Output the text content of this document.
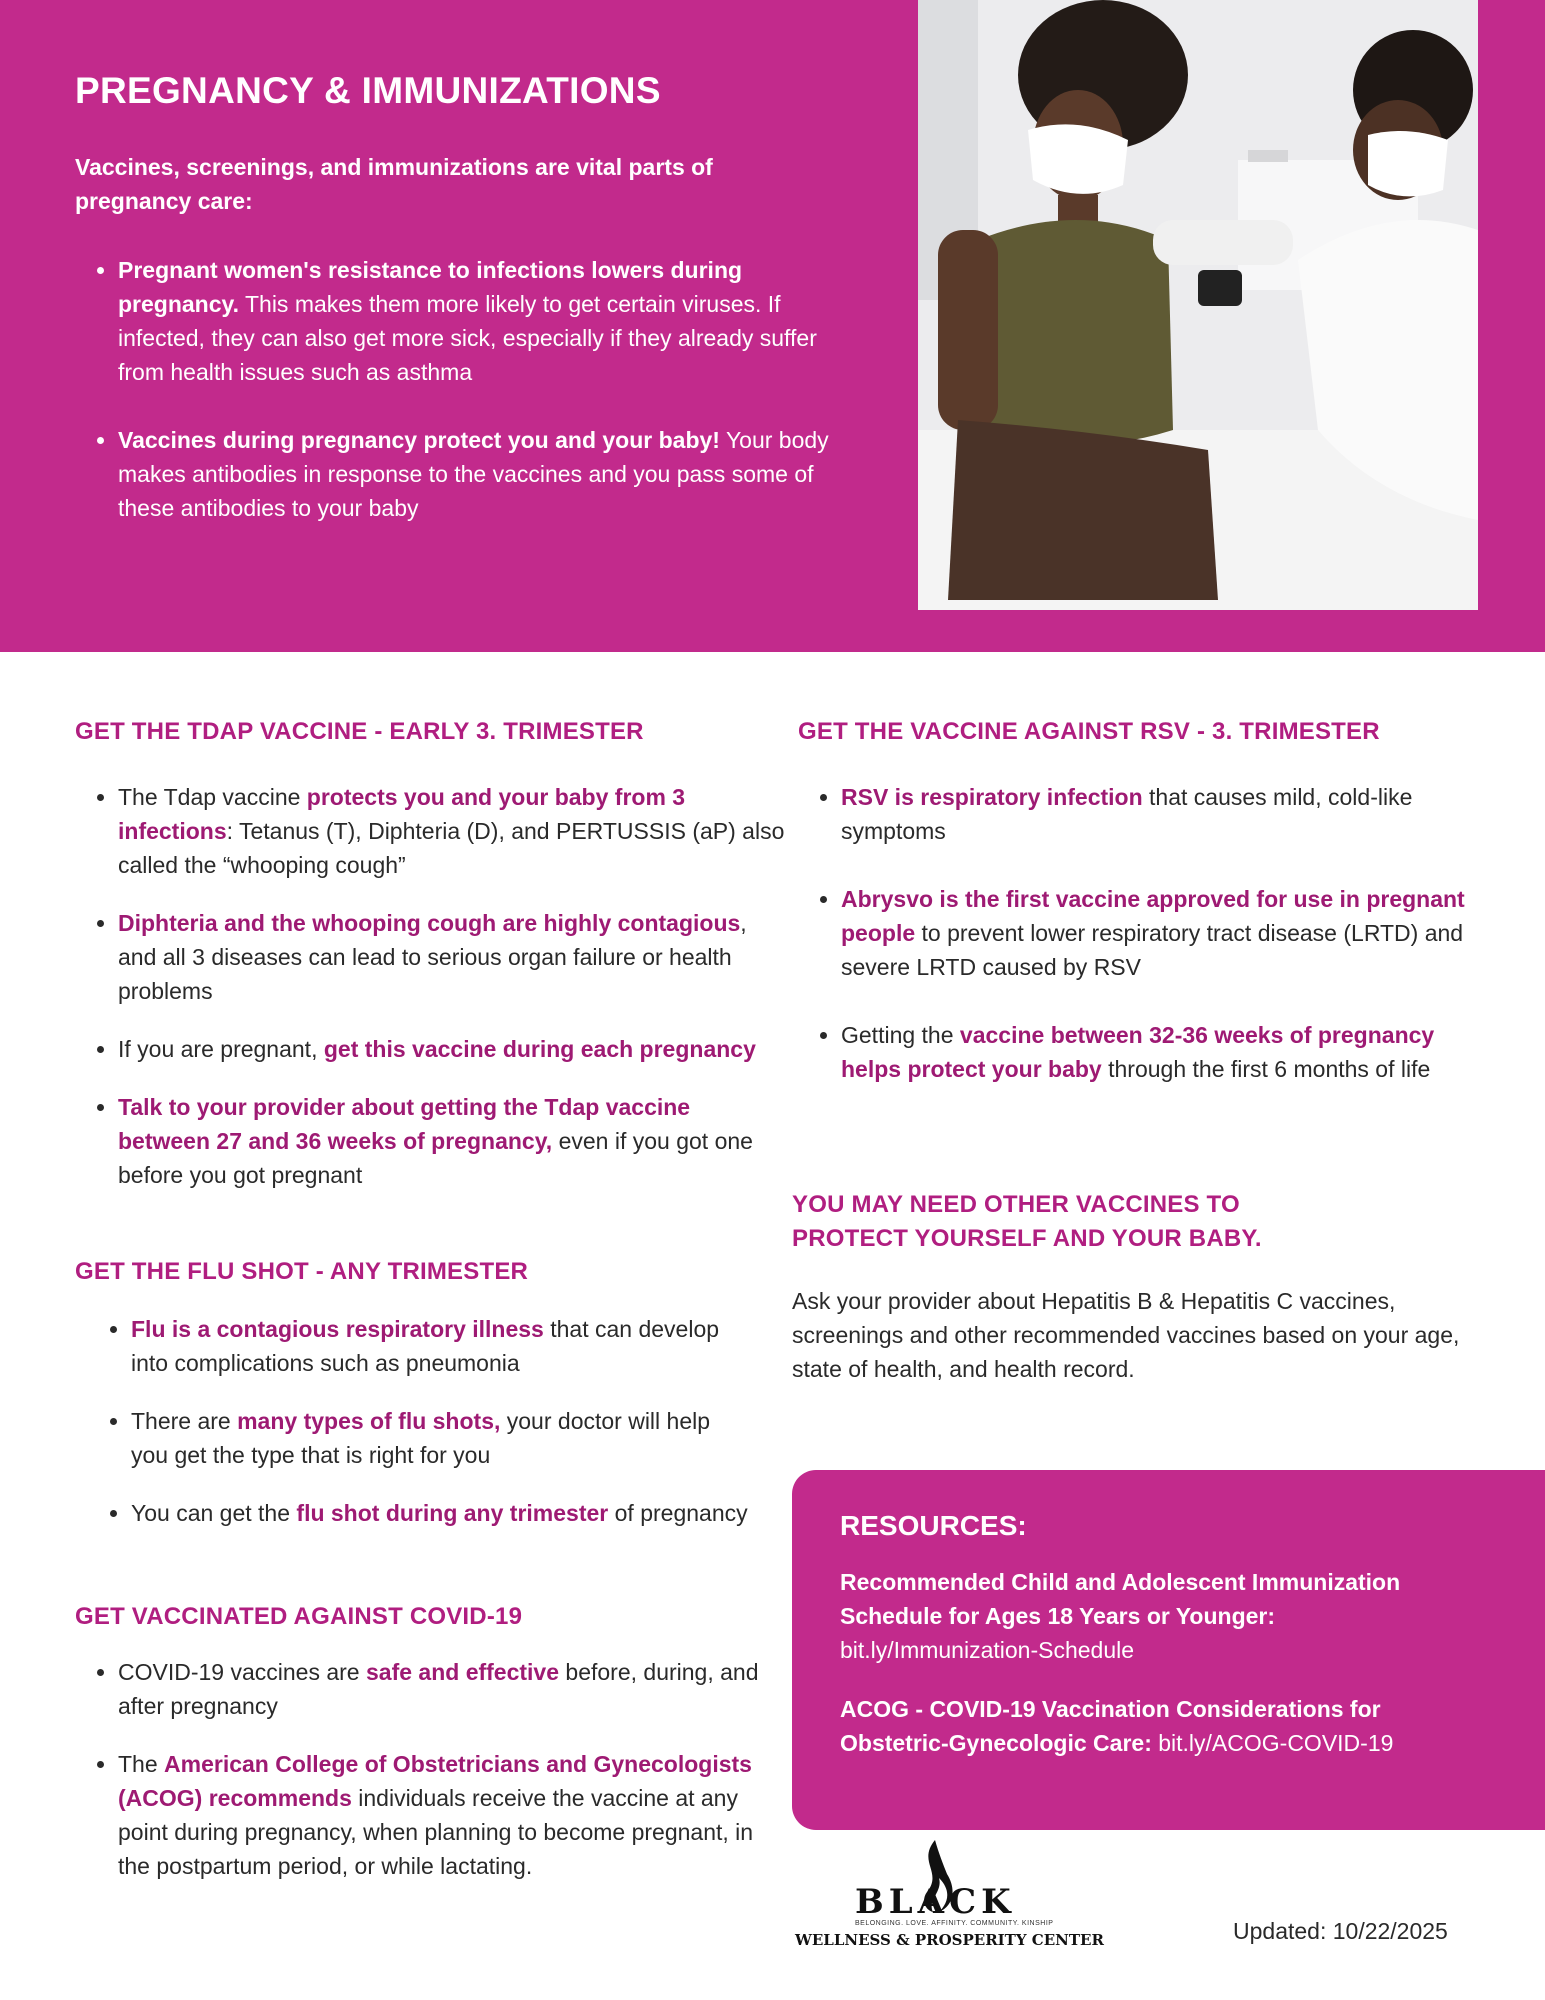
PREGNANCY & IMMUNIZATIONS

Vaccines, screenings, and immunizations are vital parts of pregnancy care:

• Pregnant women's resistance to infections lowers during pregnancy. This makes them more likely to get certain viruses. If infected, they can also get more sick, especially if they already suffer from health issues such as asthma
• Vaccines during pregnancy protect you and your baby! Your body makes antibodies in response to the vaccines and you pass some of these antibodies to your baby
GET THE TDAP VACCINE - EARLY 3. TRIMESTER
• The Tdap vaccine protects you and your baby from 3 infections: Tetanus (T), Diphteria (D), and PERTUSSIS (aP) also called the “whooping cough”
• Diphteria and the whooping cough are highly contagious, and all 3 diseases can lead to serious organ failure or health problems
• If you are pregnant, get this vaccine during each pregnancy
• Talk to your provider about getting the Tdap vaccine between 27 and 36 weeks of pregnancy, even if you got one before you got pregnant
GET THE FLU SHOT - ANY TRIMESTER
• Flu is a contagious respiratory illness that can develop into complications such as pneumonia
• There are many types of flu shots, your doctor will help you get the type that is right for you
• You can get the flu shot during any trimester of pregnancy
GET VACCINATED AGAINST COVID-19
• COVID-19 vaccines are safe and effective before, during, and after pregnancy
• The American College of Obstetricians and Gynecologists (ACOG) recommends individuals receive the vaccine at any point during pregnancy, when planning to become pregnant, in the postpartum period, or while lactating.
GET THE VACCINE AGAINST RSV - 3. TRIMESTER
• RSV is respiratory infection that causes mild, cold-like symptoms
• Abrysvo is the first vaccine approved for use in pregnant people to prevent lower respiratory tract disease (LRTD) and severe LRTD caused by RSV
• Getting the vaccine between 32-36 weeks of pregnancy helps protect your baby through the first 6 months of life
YOU MAY NEED OTHER VACCINES TO
PROTECT YOURSELF AND YOUR BABY.

Ask your provider about Hepatitis B & Hepatitis C vaccines, screenings and other recommended vaccines based on your age, state of health, and health record.

RESOURCES:

Recommended Child and Adolescent Immunization Schedule for Ages 18 Years or Younger:
bit.ly/Immunization-Schedule

ACOG - COVID-19 Vaccination Considerations for Obstetric-Gynecologic Care: bit.ly/ACOG-COVID-19

BLACK

BELONGING. LOVE. AFFINITY. COMMUNITY. KINSHIP

WELLNESS & PROSPERITY CENTER	Updated: 10/22/2025
